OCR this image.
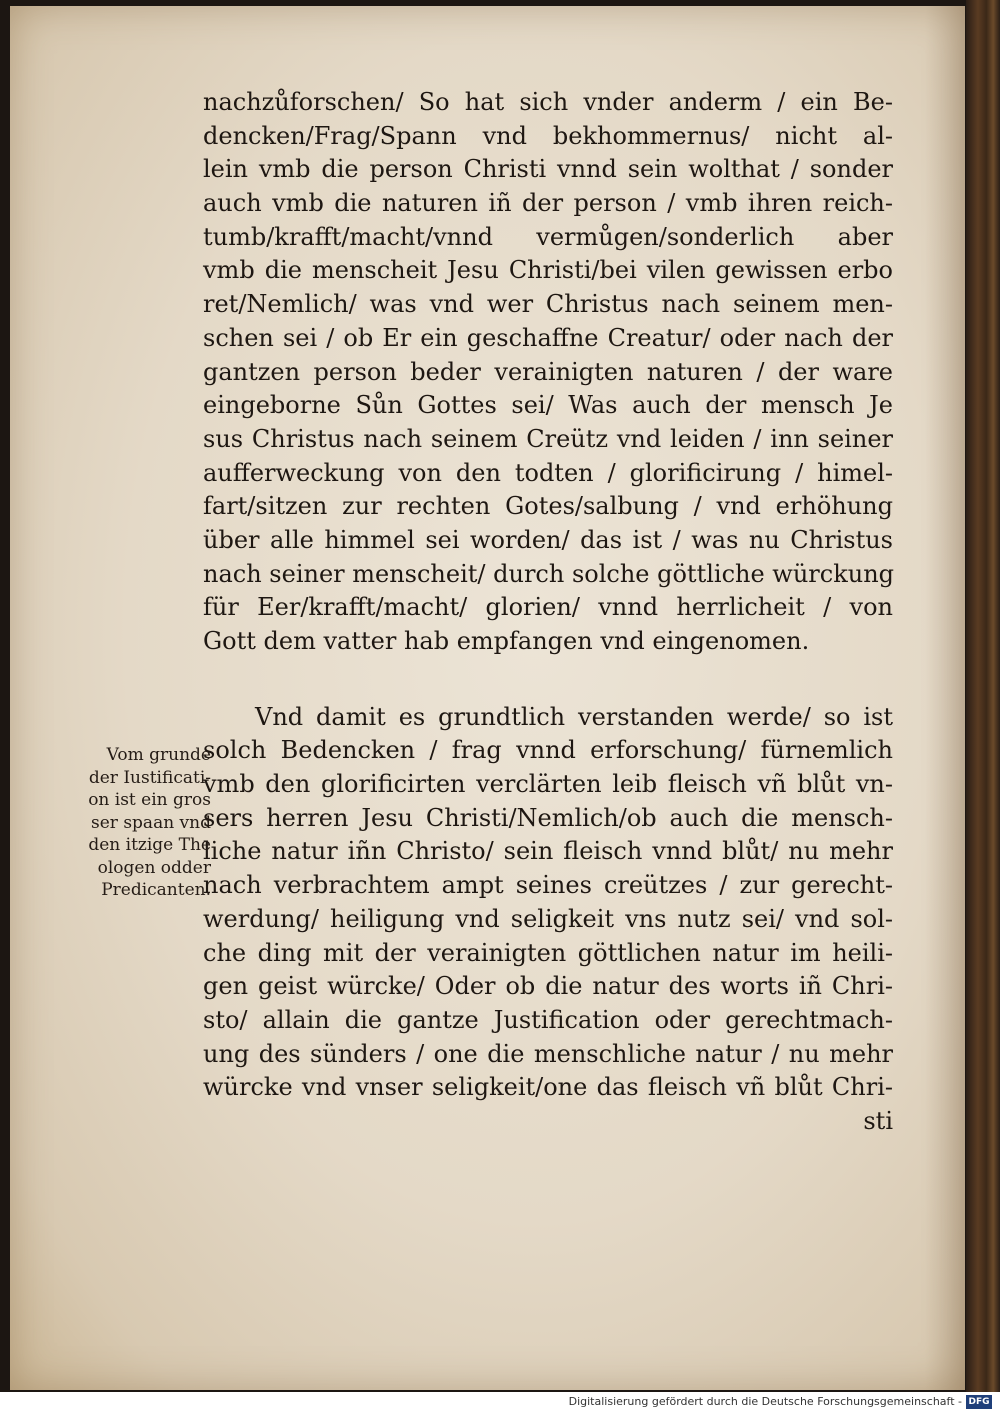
nachzůforschen/ So hat sich vnder anderm / ein Be-
dencken/Frag/Spann vnd bekhommernus/ nicht al-
lein vmb die person Christi vnnd sein wolthat / sonder
auch vmb die naturen iñ der person / vmb ihren reich-
tumb/krafft/macht/vnnd vermůgen/sonderlich aber
vmb die menscheit Jesu Christi/bei vilen gewissen erbo
ret/Nemlich/ was vnd wer Christus nach seinem men-
schen sei / ob Er ein geschaffne Creatur/ oder nach der
gantzen person beder verainigten naturen / der ware
eingeborne Sůn Gottes sei/ Was auch der mensch Je
sus Christus nach seinem Creütz vnd leiden / inn seiner
aufferweckung von den todten / glorificirung / himel-
fart/sitzen zur rechten Gotes/salbung / vnd erhöhung
über alle himmel sei worden/ das ist / was nu Christus
nach seiner menscheit/ durch solche göttliche würckung
für Eer/krafft/macht/ glorien/ vnnd herrlicheit / von
Gott dem vatter hab empfangen vnd eingenomen.
Vnd damit es grundtlich verstanden werde/ so ist
solch Bedencken / frag vnnd erforschung/ fürnemlich
vmb den glorificirten verclärten leib fleisch vñ blůt vn-
sers herren Jesu Christi/Nemlich/ob auch die mensch-
liche natur iñn Christo/ sein fleisch vnnd blůt/ nu mehr
nach verbrachtem ampt seines creützes / zur gerecht-
werdung/ heiligung vnd seligkeit vns nutz sei/ vnd sol-
che ding mit der verainigten göttlichen natur im heili-
gen geist würcke/ Oder ob die natur des worts iñ Chri-
sto/ allain die gantze Justification oder gerechtmach-
ung des sünders / one die menschliche natur / nu mehr
würcke vnd vnser seligkeit/one das fleisch vñ blůt Chri-
sti
Vom grunde
der Iustificati-
on ist ein gros
ser spaan vnd
den itzige The
ologen odder
Predicanten.
Digitalisierung gefördert durch die Deutsche Forschungsgemeinschaft - DFG
